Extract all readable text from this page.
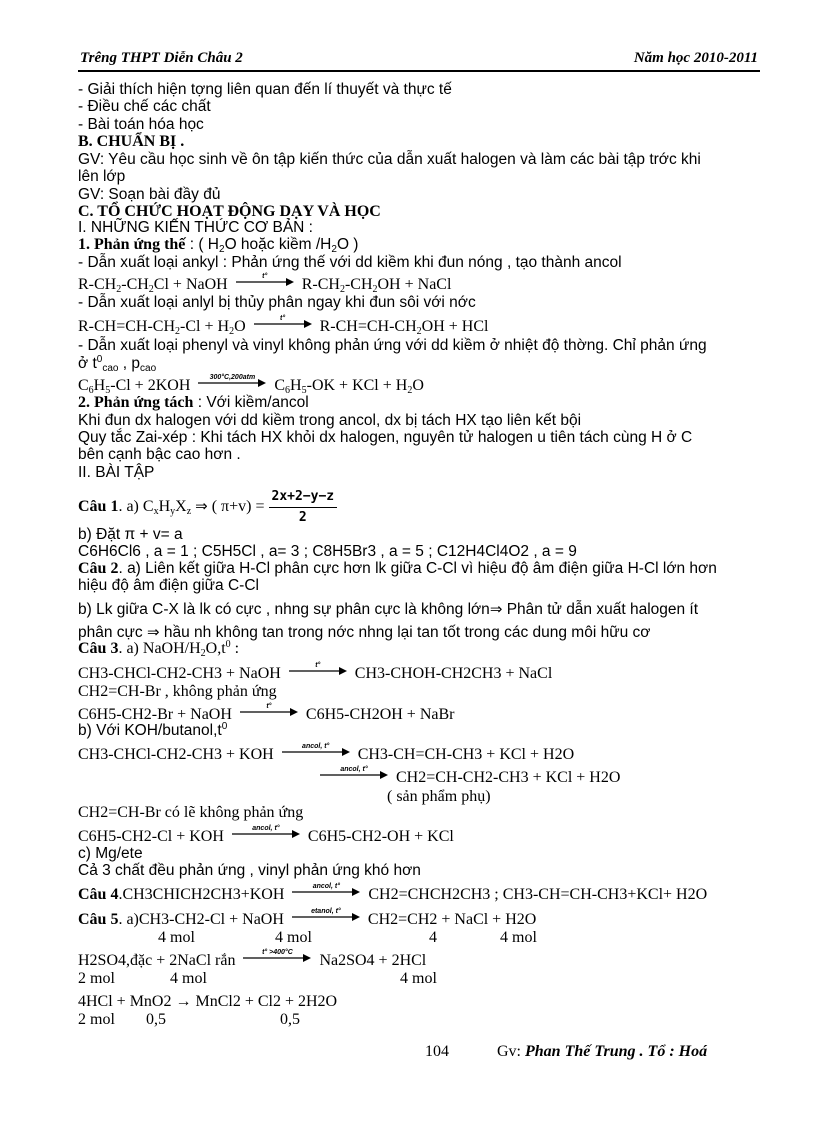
Trêng THPT Diễn Châu 2	Năm học 2010-2011
- Giải thích hiện tợng liên quan đến lí thuyết và thực tế
- Điều chế các chất
- Bài toán hóa học
B. CHUẨN BỊ .
GV: Yêu cầu học sinh về ôn tập kiến thức của dẫn xuất halogen và làm các bài tập trớc khi
lên lớp
GV: Soạn bài đầy đủ
C. TỔ CHỨC HOẠT ĐỘNG DẠY VÀ HỌC
I. NHỮNG KIẾN THỨC CƠ BẢN :
1. Phản ứng thế : ( $H_2O$ hoặc kiềm $/H_2O$ )
- Dẫn xuất loại ankyl : Phản ứng thế với dd kiềm khi đun nóng , tạo thành ancol
$R-CH_2-CH_2Cl$ + NaOH	t°	$R-CH_2-CH_2OH$ + NaCl
- Dẫn xuất loại anlyl bị thủy phân ngay khi đun sôi với nớc
$R-CH=CH-CH_2-Cl + H_2O$	t°	$R-CH=CH-CH_2OH$ + HCl
- Dẫn xuất loại phenyl và vinyl không phản ứng với dd kiềm ở nhiệt độ thờng. Chỉ phản ứng
ở $t^0_{cao}$ , $p_{cao}$
$C_6H_5-Cl + 2KOH$	300°C,200atm	$C_6H_5-OK$ + KCl + $H_2O$
2. Phản ứng tách : Với kiềm/ancol
Khi đun dx halogen với dd kiềm trong ancol, dx bị tách HX tạo liên kết bội
Quy tắc Zai-xép : Khi tách HX khỏi dx halogen, nguyên tử halogen u tiên tách cùng H ở C
bên cạnh bậc cao hơn .
II. BÀI TẬP
Câu 1. a) $C_xH_yX_z$ ⇒ ( $\pi+v) = \frac{2x+2-y-z}{2}$
b) Đặt π + v= a
C6H6Cl6 , a = 1 ; C5H5Cl , a= 3 ; C8H5Br3 , a = 5 ; C12H4Cl4O2 , a = 9
Câu 2. a) Liên kết giữa H-Cl phân cực hơn lk giữa C-Cl vì hiệu độ âm điện giữa H-Cl lớn hơn
hiệu độ âm điện giữa C-Cl
b) Lk giữa C-X là lk có cực , nhng sự phân cực là không lớn⇒ Phân tử dẫn xuất halogen ít
phân cực ⇒ hầu nh không tan trong nớc nhng lại tan tốt trong các dung môi hữu cơ
Câu 3. a) NaOH/$H_2O,t^0$ :
CH3-CHCl-CH2-CH3 + NaOH	t°	CH3-CHOH-CH2CH3 + NaCl
CH2=CH-Br , không phản ứng
C6H5-CH2-Br + NaOH	t°	C6H5-CH2OH + NaBr
b) Với KOH/$butanol,t^0$
CH3-CHCl-CH2-CH3 + KOH	ancol, t°	CH3-CH=CH-CH3 + KCl + H2O
ancol, t°	CH2=CH-CH2-CH3 + KCl + H2O
( sản phẩm phụ)
CH2=CH-Br có lẽ không phản ứng
C6H5-CH2-Cl + KOH	ancol, t°	C6H5-CH2-OH + KCl
c) Mg/ete
Cả 3 chất đều phản ứng , vinyl phản ứng khó hơn
Câu 4.CH3CHICH2CH3+KOH	ancol, t°	CH2=CHCH2CH3 ; CH3-CH=CH-CH3+KCl+ H2O
Câu 5. a)CH3-CH2-Cl + NaOH	etanol, t°	CH2=CH2 + NaCl + H2O
4 mol	4 mol	4	4 mol
H2SO4,đặc + 2NaCl rắn	t° >400°C	Na2SO4 + 2HCl
2 mol	4 mol	4 mol
4HCl + MnO2 → MnCl2 + Cl2 + 2H2O
2 mol 0,5	0,5
104	Gv: Phan Thế Trung . Tổ : Hoá
